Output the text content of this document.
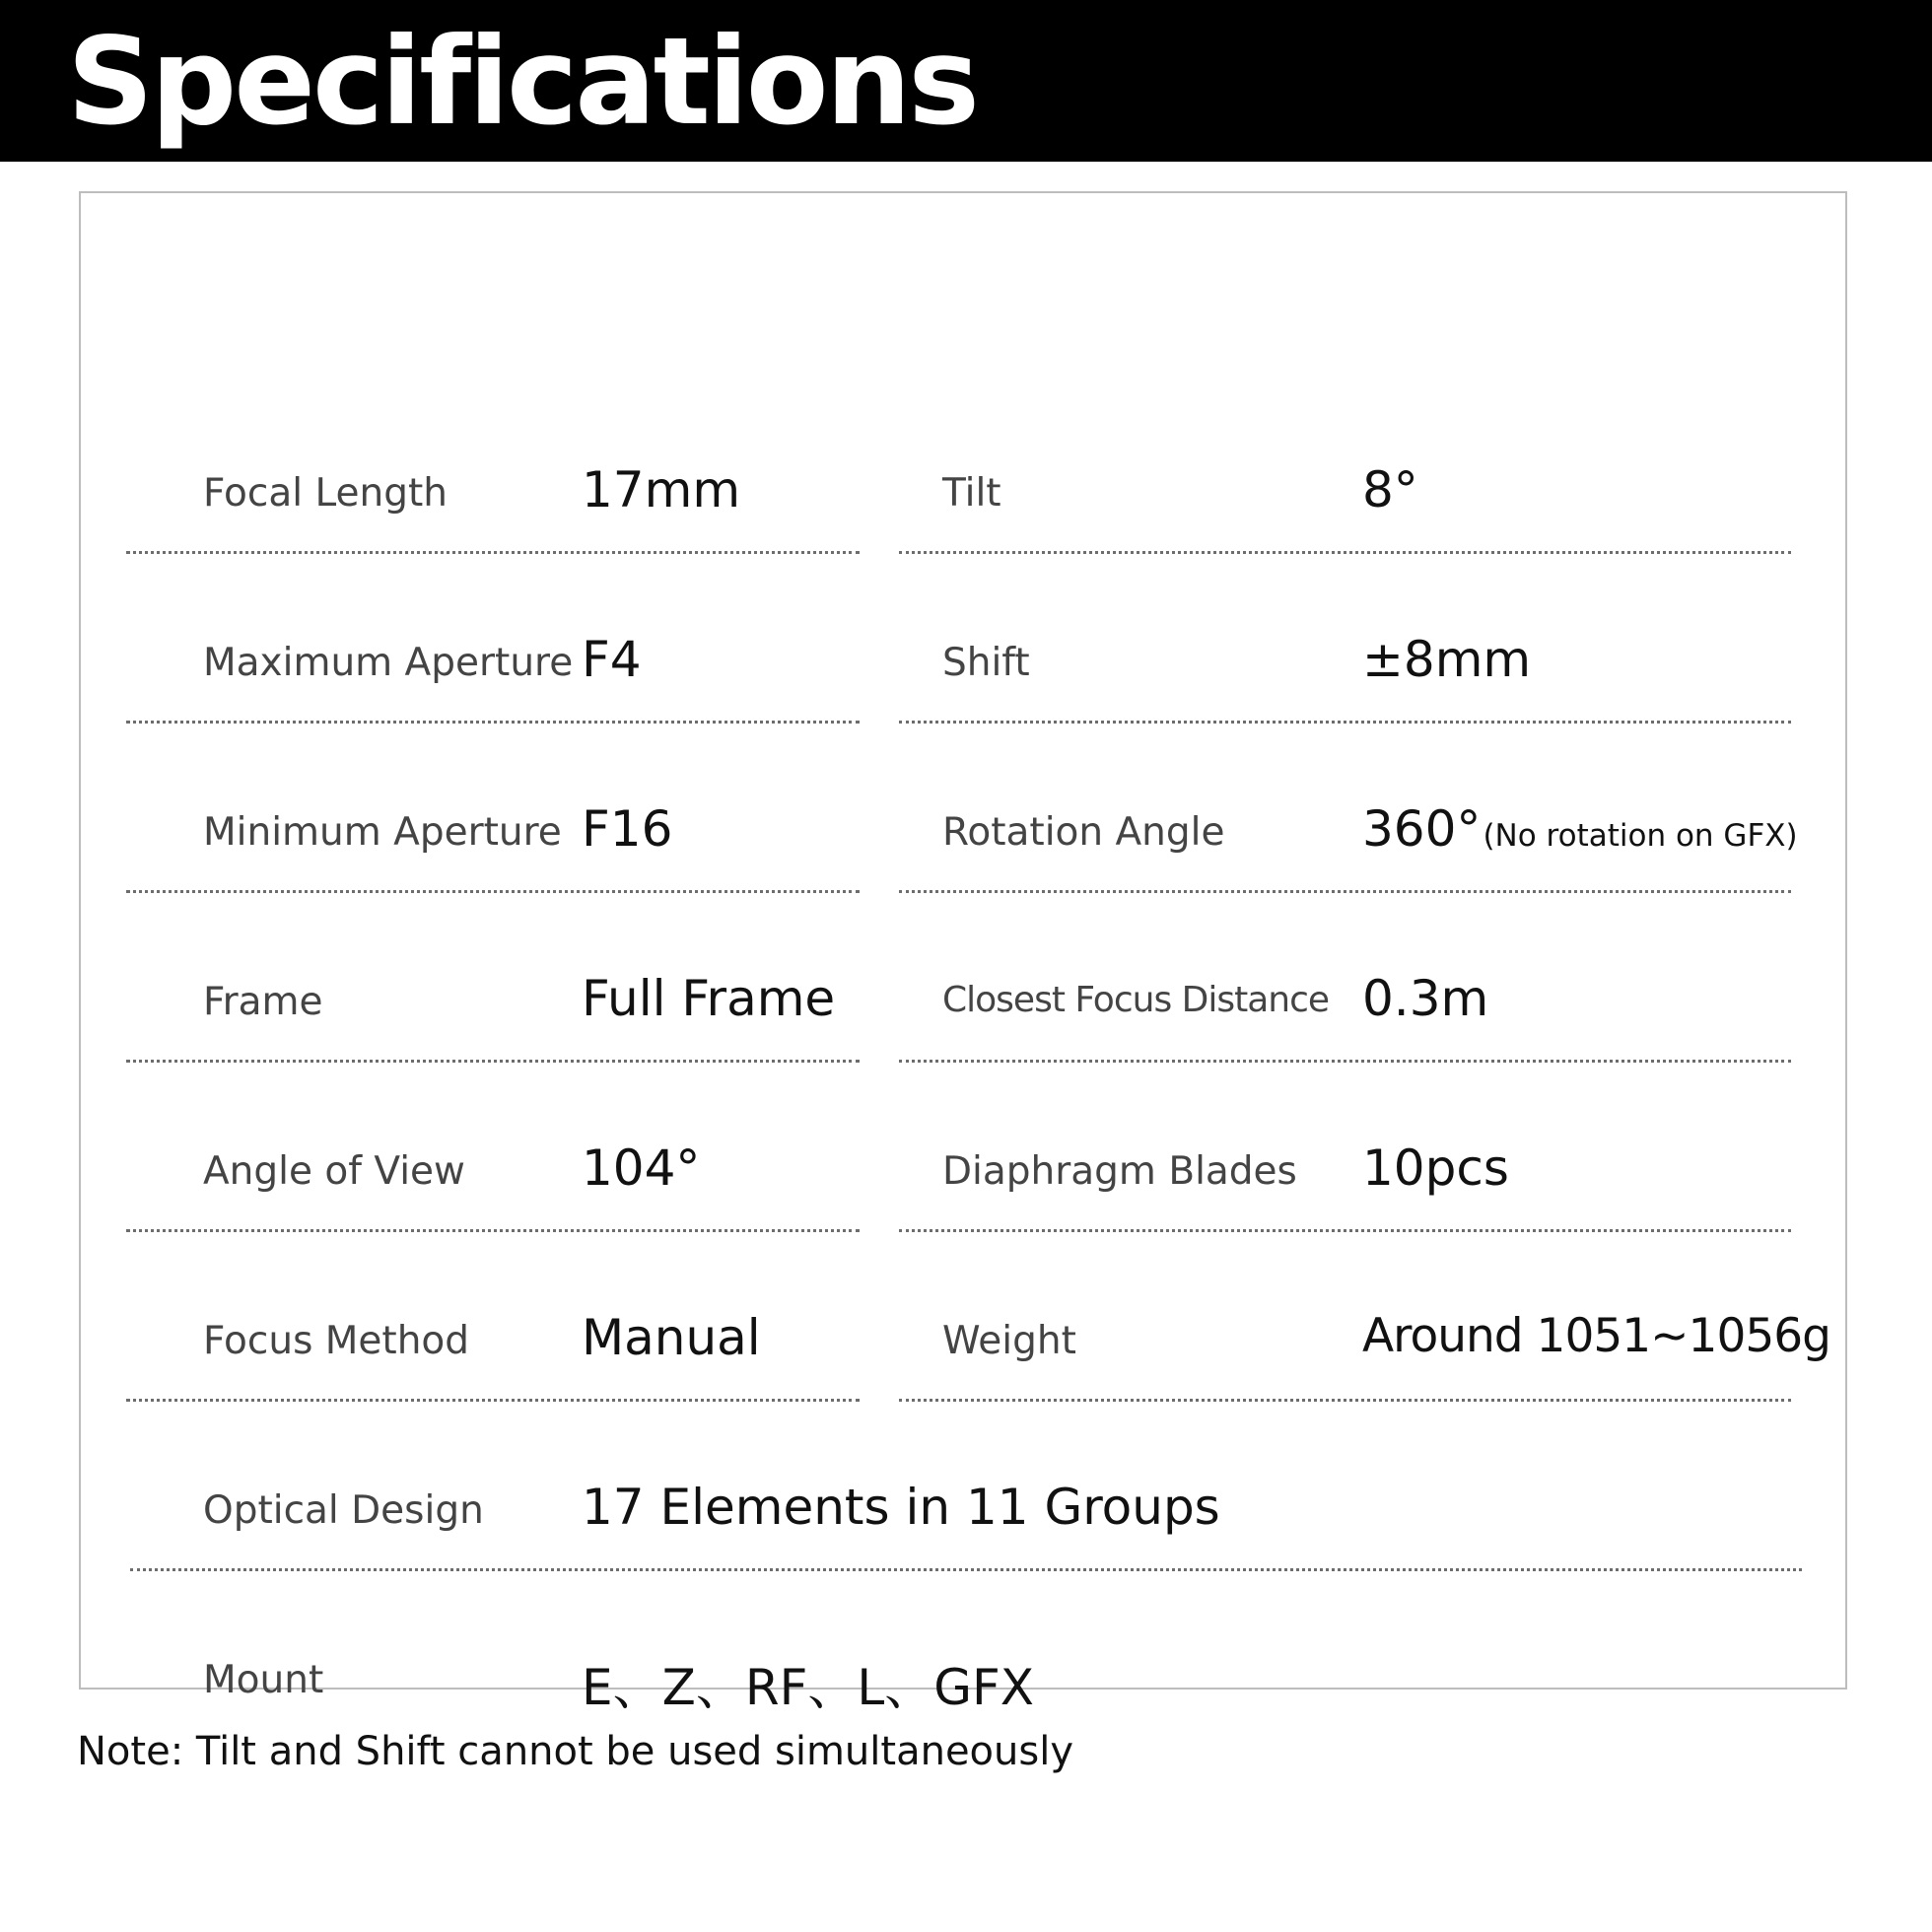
Specifications
Focal Length	17mm	Tilt	8°
Maximum Aperture F4	Shift	±8mm
Minimum Aperture F16	Rotation Angle	360°(No rotation on GFX)
Frame	Full Frame	Closest Focus Distance 0.3m
Angle of View 104°	Diaphragm Blades 10pcs
Focus Method Manual	Weight	Around 1051~1056g
Optical Design 17 Elements in 11 Groups
Mount	E、Z、RF、L、GFX

Note: Tilt and Shift cannot be used simultaneously
